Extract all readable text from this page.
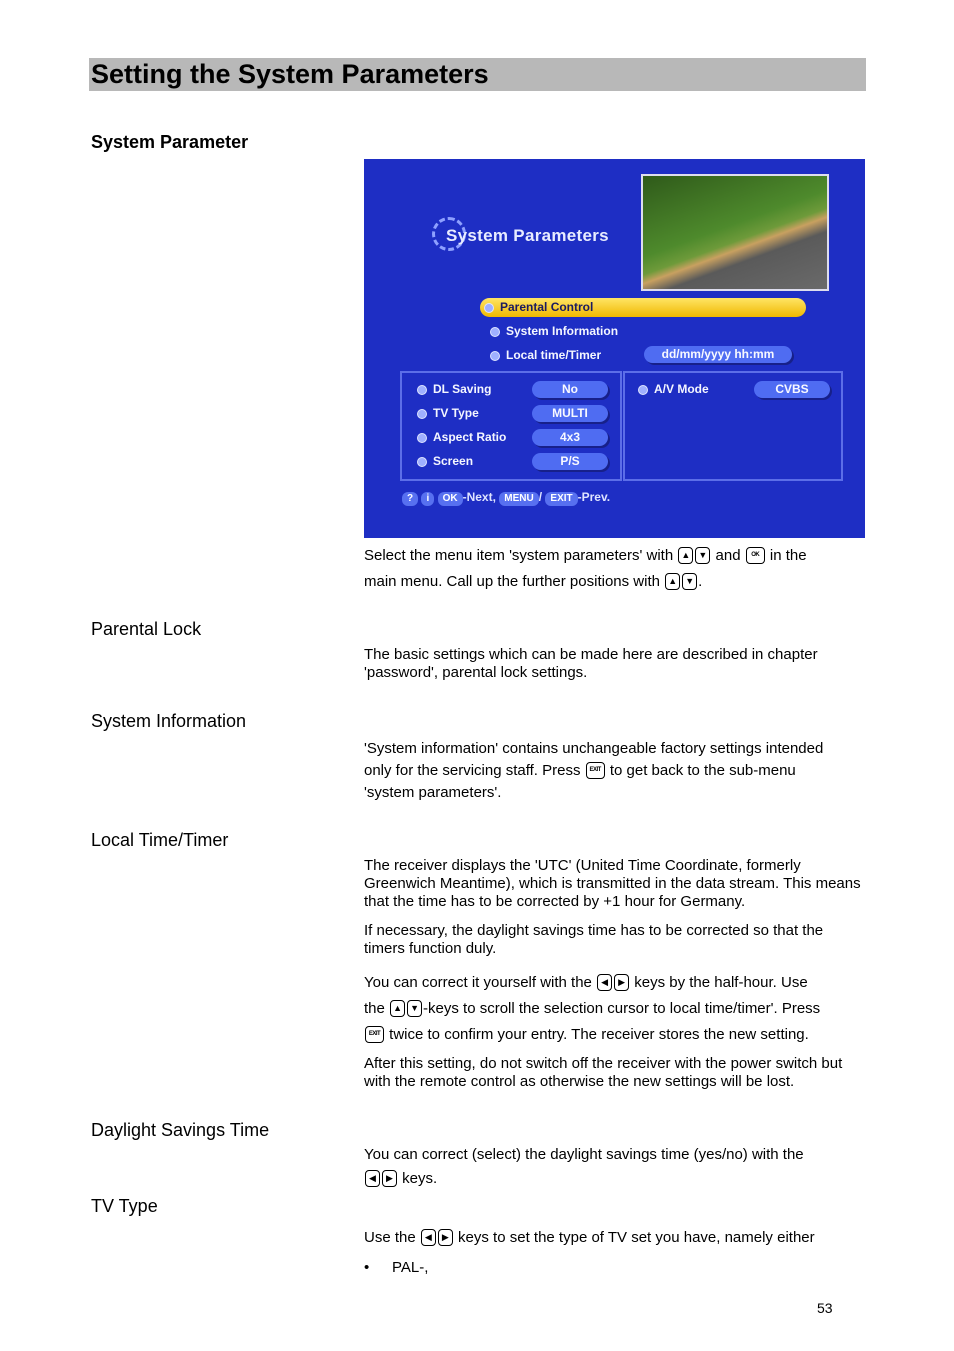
Setting the System Parameters
System Parameter
System Parameters
Parental Control
System Information
Local time/Timer	dd/mm/yyyy hh:mm
DL Saving	No
TV Type	MULTI
Aspect Ratio	4x3
Screen	P/S
A/V Mode	CVBS
? i OK -Next, MENU / EXIT -Prev.
Select the menu item 'system parameters' with ▲ ▼ and OK in the
main menu. Call up the further positions with ▲ ▼ .
Parental Lock
The basic settings which can be made here are described in chapter 'password', parental lock settings.
System Information
'System information' contains unchangeable factory settings intended
only for the servicing staff. Press EXIT to get back to the sub-menu
'system parameters'.
Local Time/Timer
The receiver displays the 'UTC' (United Time Coordinate, formerly Greenwich Meantime), which is transmitted in the data stream. This means that the time has to be corrected by +1 hour for Germany.
If necessary, the daylight savings time has to be corrected so that the timers function duly.
You can correct it yourself with the ◀ ▶ keys by the half-hour. Use
the ▲ ▼ -keys to scroll the selection cursor to local time/timer'. Press
EXIT twice to confirm your entry. The receiver stores the new setting.
After this setting, do not switch off the receiver with the power switch but with the remote control as otherwise the new settings will be lost.
Daylight Savings Time
You can correct (select) the daylight savings time (yes/no) with the
◀ ▶ keys.
TV Type
Use the ◀ ▶ keys to set the type of TV set you have, namely either
• PAL-,
53
